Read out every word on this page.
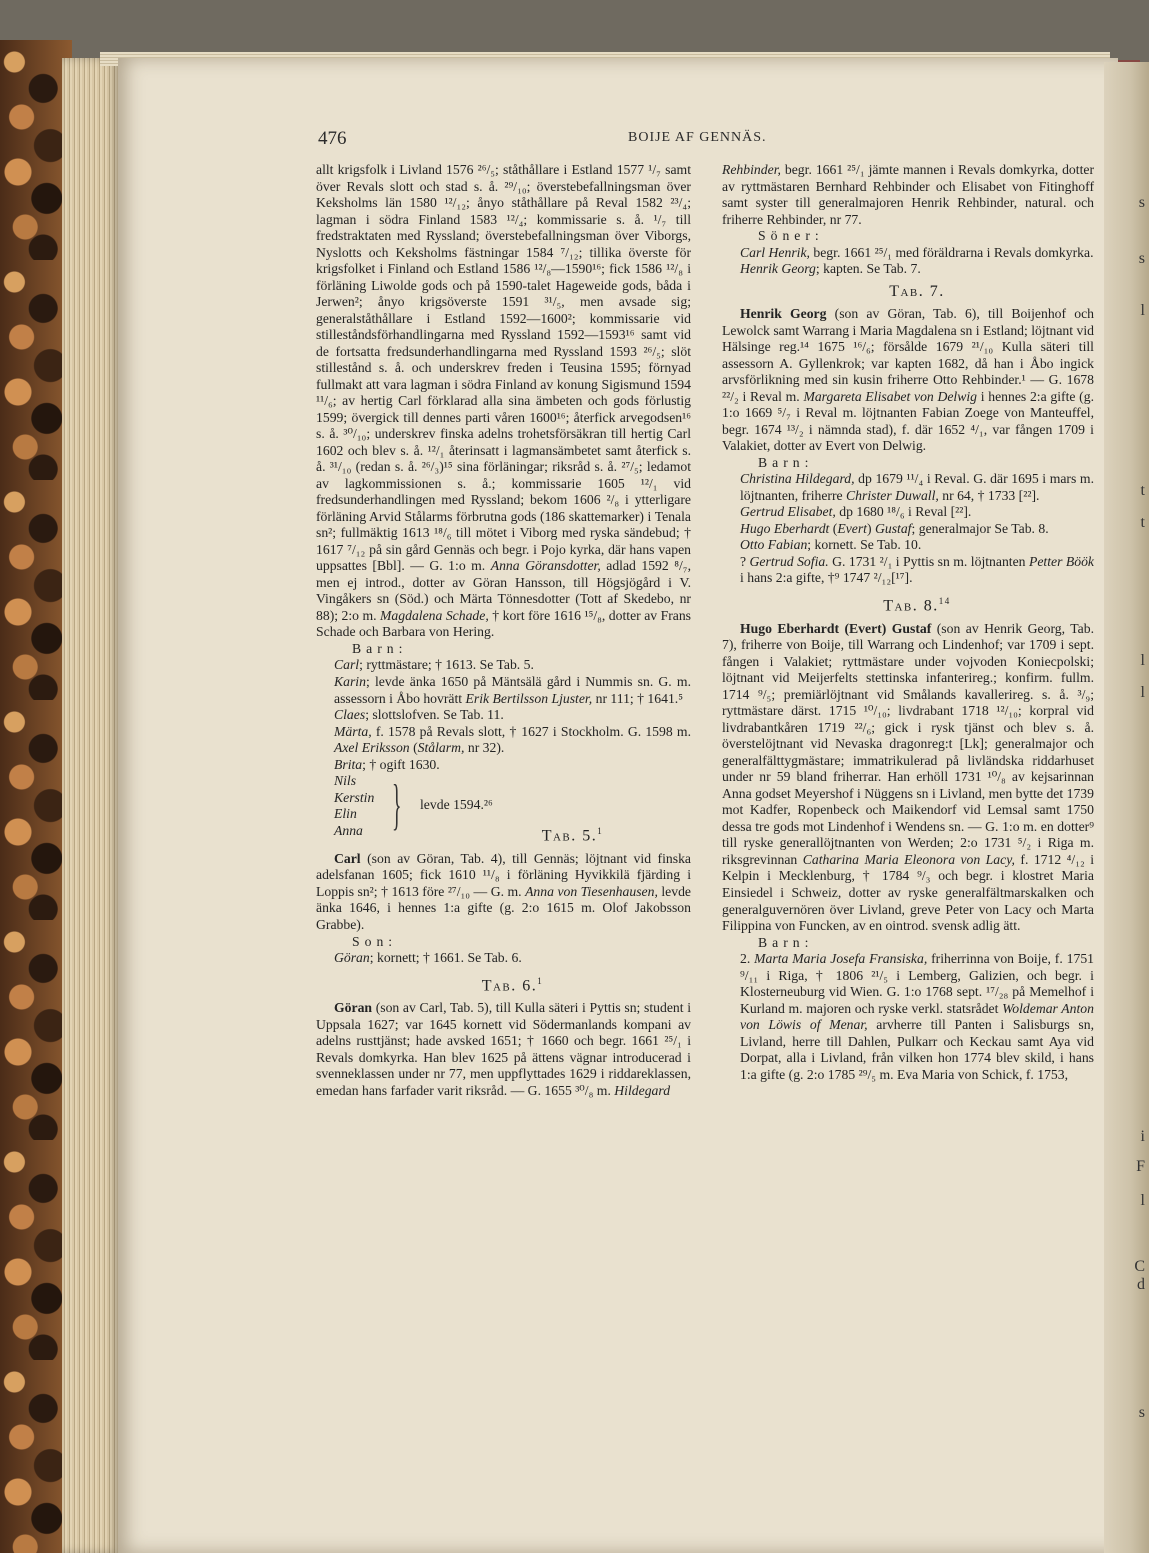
s
s
l
t
t
l
l
i
F
l
C
d
s
476	BOIJE AF GENNÄS.

allt krigsfolk i Livland 1576 ²⁶/₅; ståthållare i Estland 1577 ¹/₇ samt över Revals slott och stad s. å. ²⁹/₁₀; överstebefallningsman över Keksholms län 1580 ¹²/₁₂; ånyo ståthållare på Reval 1582 ²³/₄; lagman i södra Finland 1583 ¹²/₄; kommissarie s. å. ¹/₇ till fredstraktaten med Ryssland; överstebefallningsman över Viborgs, Nyslotts och Keksholms fästningar 1584 ⁷/₁₂; tillika överste för krigsfolket i Finland och Estland 1586 ¹²/₈—1590¹⁶; fick 1586 ¹²/₈ i förläning Liwolde gods och på 1590-talet Hageweide gods, båda i Jerwen²; ånyo krigsöverste 1591 ³¹/₅, men avsade sig; generalståthållare i Estland 1592—1600²; kommissarie vid stilleståndsförhandlingarna med Ryssland 1592—1593¹⁶ samt vid de fortsatta fredsunderhandlingarna med Ryssland 1593 ²⁶/₅; slöt stillestånd s. å. och underskrev freden i Teusina 1595; förnyad fullmakt att vara lagman i södra Finland av konung Sigismund 1594 ¹¹/₆; av hertig Carl förklarad alla sina ämbeten och gods förlustig 1599; övergick till dennes parti våren 1600¹⁶; återfick arvegodsen¹⁶ s. å. ³⁰/₁₀; underskrev finska adelns trohetsförsäkran till hertig Carl 1602 och blev s. å. ¹²/₁ återinsatt i lagmansämbetet samt återfick s. å. ³¹/₁₀ (redan s. å. ²⁶/₃)¹⁵ sina förläningar; riksråd s. å. ²⁷/₅; ledamot av lagkommissionen s. å.; kommissarie 1605 ¹²/₁ vid fredsunderhandlingen med Ryssland; bekom 1606 ²/₈ i ytterligare förläning Arvid Stålarms förbrutna gods (186 skattemarker) i Tenala sn²; fullmäktig 1613 ¹⁸/₆ till mötet i Viborg med ryska sändebud; † 1617 ⁷/₁₂ på sin gård Gennäs och begr. i Pojo kyrka, där hans vapen uppsattes [Bbl]. — G. 1:o m. Anna Göransdotter, adlad 1592 ⁸/₇, men ej introd., dotter av Göran Hansson, till Högsjögård i V. Vingåkers sn (Söd.) och Märta Tönnesdotter (Tott af Skedebo, nr 88); 2:o m. Magdalena Schade, † kort före 1616 ¹⁵/₈, dotter av Frans Schade och Barbara von Hering.

Barn:

Carl; ryttmästare; † 1613. Se Tab. 5.

Karin; levde änka 1650 på Mäntsälä gård i Nummis sn. G. m. assessorn i Åbo hovrätt Erik Bertilsson Ljuster, nr 111; † 1641.⁵

Claes; slottslofven. Se Tab. 11.

Märta, f. 1578 på Revals slott, † 1627 i Stockholm. G. 1598 m. Axel Eriksson (Stålarm, nr 32).

Brita; † ogift 1630.

Nils
Kerstin
Elin
Anna } levde 1594.²⁶

Tab. 5.$^1$

Carl (son av Göran, Tab. 4), till Gennäs; löjtnant vid finska adelsfanan 1605; fick 1610 ¹¹/₈ i förläning Hyvikkilä fjärding i Loppis sn²; † 1613 före ²⁷/₁₀ — G. m. Anna von Tiesenhausen, levde änka 1646, i hennes 1:a gifte (g. 2:o 1615 m. Olof Jakobsson Grabbe).

Son:

Göran; kornett; † 1661. Se Tab. 6.

Tab. 6.$^1$

Göran (son av Carl, Tab. 5), till Kulla säteri i Pyttis sn; student i Uppsala 1627; var 1645 kornett vid Södermanlands kompani av adelns rusttjänst; hade avsked 1651; † 1660 och begr. 1661 ²⁵/₁ i Revals domkyrka. Han blev 1625 på ättens vägnar introducerad i svenneklassen under nr 77, men uppflyttades 1629 i riddareklassen, emedan hans farfader varit riksråd. — G. 1655 ³⁰/₈ m. Hildegard

Rehbinder, begr. 1661 ²⁵/₁ jämte mannen i Revals domkyrka, dotter av ryttmästaren Bernhard Rehbinder och Elisabet von Fitinghoff samt syster till generalmajoren Henrik Rehbinder, natural. och friherre Rehbinder, nr 77.

Söner:

Carl Henrik, begr. 1661 ²⁵/₁ med föräldrarna i Revals domkyrka.

Henrik Georg; kapten. Se Tab. 7.

Tab. 7.

Henrik Georg (son av Göran, Tab. 6), till Boijenhof och Lewolck samt Warrang i Maria Magdalena sn i Estland; löjtnant vid Hälsinge reg.¹⁴ 1675 ¹⁶/₆; försålde 1679 ²¹/₁₀ Kulla säteri till assessorn A. Gyllenkrok; var kapten 1682, då han i Åbo ingick arvsförlikning med sin kusin friherre Otto Rehbinder.¹ — G. 1678 ²²/₂ i Reval m. Margareta Elisabet von Delwig i hennes 2:a gifte (g. 1:o 1669 ⁵/₇ i Reval m. löjtnanten Fabian Zoege von Manteuffel, begr. 1674 ¹³/₂ i nämnda stad), f. där 1652 ⁴/₁, var fången 1709 i Valakiet, dotter av Evert von Delwig.

Barn:

Christina Hildegard, dp 1679 ¹¹/₄ i Reval. G. där 1695 i mars m. löjtnanten, friherre Christer Duwall, nr 64, † 1733 [²²].

Gertrud Elisabet, dp 1680 ¹⁸/₆ i Reval [²²].

Hugo Eberhardt (Evert) Gustaf; generalmajor Se Tab. 8.

Otto Fabian; kornett. Se Tab. 10.

? Gertrud Sofia. G. 1731 ²/₁ i Pyttis sn m. löjtnanten Petter Böök i hans 2:a gifte, †⁹ 1747 ²/₁₂[¹⁷].

Tab. 8.14

Hugo Eberhardt (Evert) Gustaf (son av Henrik Georg, Tab. 7), friherre von Boije, till Warrang och Lindenhof; var 1709 i sept. fången i Valakiet; ryttmästare under vojvoden Koniecpolski; löjtnant vid Meijerfelts stettinska infanterireg.; konfirm. fullm. 1714 ⁹/₅; premiärlöjtnant vid Smålands kavallerireg. s. å. ³/₉; ryttmästare därst. 1715 ¹⁰/₁₀; livdrabant 1718 ¹²/₁₀; korpral vid livdrabantkåren 1719 ²²/₆; gick i rysk tjänst och blev s. å. överstelöjtnant vid Nevaska dragonreg:t [Lk]; generalmajor och generalfälttygmästare; immatrikulerad på livländska riddarhuset under nr 59 bland friherrar. Han erhöll 1731 ¹⁰/₈ av kejsarinnan Anna godset Meyershof i Nüggens sn i Livland, men bytte det 1739 mot Kadfer, Ropenbeck och Maikendorf vid Lemsal samt 1750 dessa tre gods mot Lindenhof i Wendens sn. — G. 1:o m. en dotter⁹ till ryske generallöjtnanten von Werden; 2:o 1731 ⁵/₂ i Riga m. riksgrevinnan Catharina Maria Eleonora von Lacy, f. 1712 ⁴/₁₂ i Kelpin i Mecklenburg, † 1784 ⁹/₃ och begr. i klostret Maria Einsiedel i Schweiz, dotter av ryske generalfältmarskalken och generalguvernören över Livland, greve Peter von Lacy och Marta Filippina von Funcken, av en ointrod. svensk adlig ätt.

Barn:

2. Marta Maria Josefa Fransiska, friherrinna von Boije, f. 1751 ⁹/₁₁ i Riga, † 1806 ²¹/₅ i Lemberg, Galizien, och begr. i Klosterneuburg vid Wien. G. 1:o 1768 sept. ¹⁷/₂₈ på Memelhof i Kurland m. majoren och ryske verkl. statsrådet Woldemar Anton von Löwis of Menar, arvherre till Panten i Salisburgs sn, Livland, herre till Dahlen, Pulkarr och Keckau samt Aya vid Dorpat, alla i Livland, från vilken hon 1774 blev skild, i hans 1:a gifte (g. 2:o 1785 ²⁹/₅ m. Eva Maria von Schick, f. 1753,
